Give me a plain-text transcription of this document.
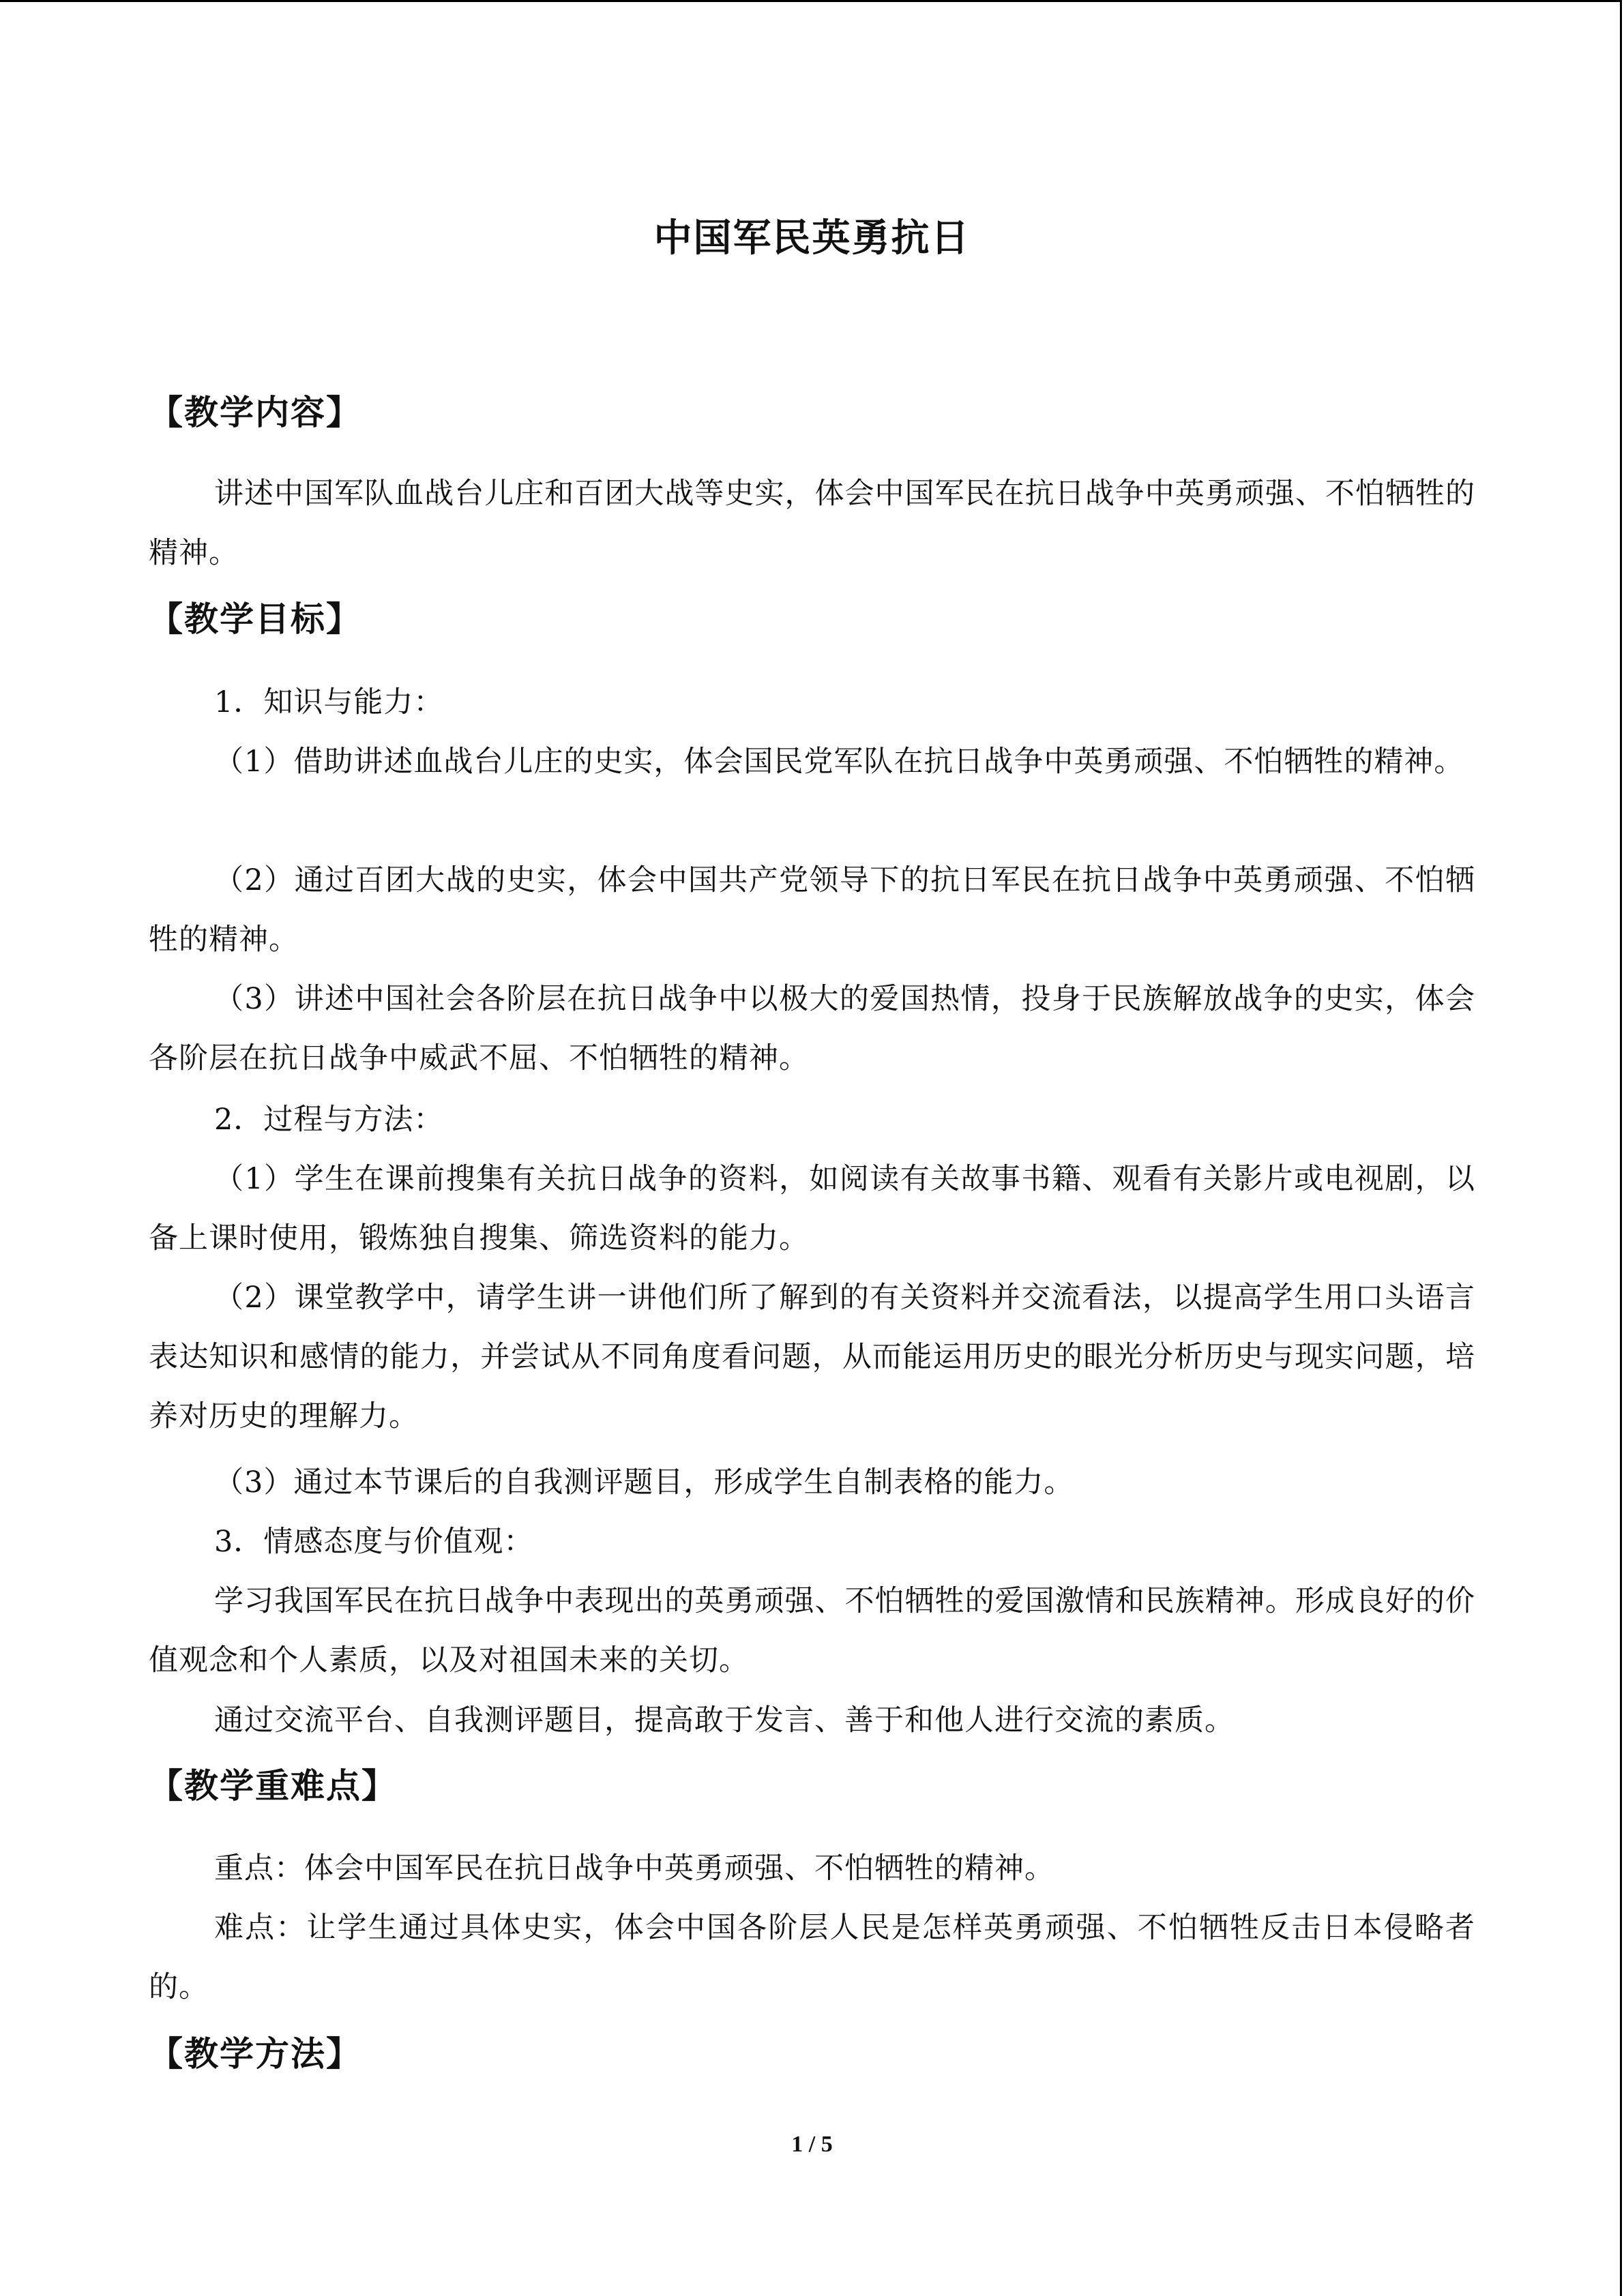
中国军民英勇抗日
【教学内容】
讲述中国军队血战台儿庄和百团大战等史实，体会中国军民在抗日战争中英勇顽强、不怕牺牲的精神。
【教学目标】
1．知识与能力：
（1）借助讲述血战台儿庄的史实，体会国民党军队在抗日战争中英勇顽强、不怕牺牲的精神。
（2）通过百团大战的史实，体会中国共产党领导下的抗日军民在抗日战争中英勇顽强、不怕牺牲的精神。
（3）讲述中国社会各阶层在抗日战争中以极大的爱国热情，投身于民族解放战争的史实，体会各阶层在抗日战争中威武不屈、不怕牺牲的精神。
2．过程与方法：
（1）学生在课前搜集有关抗日战争的资料，如阅读有关故事书籍、观看有关影片或电视剧，以备上课时使用，锻炼独自搜集、筛选资料的能力。
（2）课堂教学中，请学生讲一讲他们所了解到的有关资料并交流看法，以提高学生用口头语言表达知识和感情的能力，并尝试从不同角度看问题，从而能运用历史的眼光分析历史与现实问题，培养对历史的理解力。
（3）通过本节课后的自我测评题目，形成学生自制表格的能力。
3．情感态度与价值观：
学习我国军民在抗日战争中表现出的英勇顽强、不怕牺牲的爱国激情和民族精神。形成良好的价值观念和个人素质，以及对祖国未来的关切。
通过交流平台、自我测评题目，提高敢于发言、善于和他人进行交流的素质。
【教学重难点】
重点：体会中国军民在抗日战争中英勇顽强、不怕牺牲的精神。
难点：让学生通过具体史实，体会中国各阶层人民是怎样英勇顽强、不怕牺牲反击日本侵略者的。
【教学方法】
1 / 5
